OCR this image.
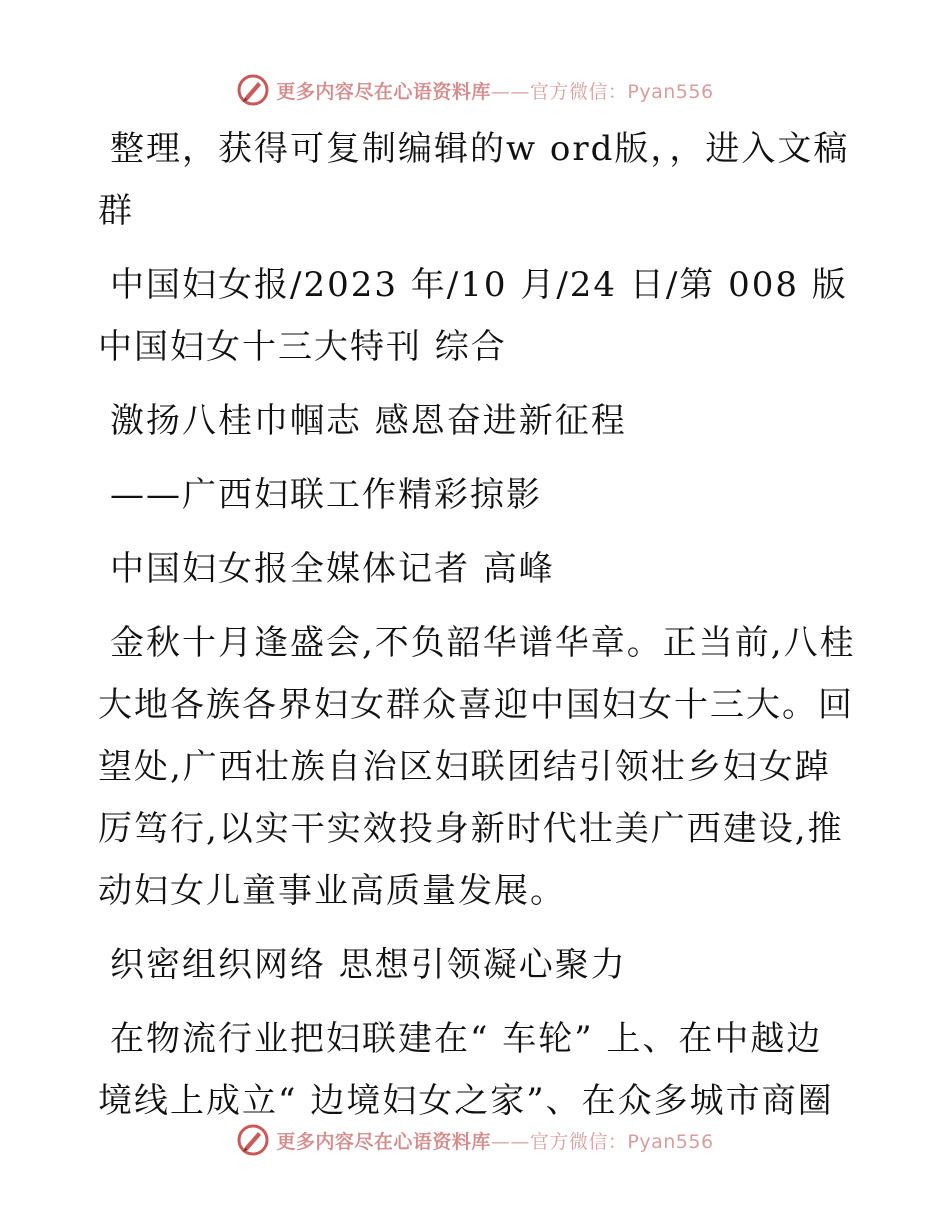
更多内容尽在心语资料库——官方微信：Pyan556

整理，获得可复制编辑的w ord版，，进入文稿群

中国妇女报/2023 年/10 月/24 日/第 008 版中国妇女十三大特刊 综合

激扬八桂巾帼志 感恩奋进新征程

——广西妇联工作精彩掠影

中国妇女报全媒体记者 高峰

金秋十月逢盛会,不负韶华谱华章。正当前,八桂大地各族各界妇女群众喜迎中国妇女十三大。回望处,广西壮族自治区妇联团结引领壮乡妇女踔厉笃行,以实干实效投身新时代壮美广西建设,推动妇女儿童事业高质量发展。

织密组织网络 思想引领凝心聚力

在物流行业把妇联建在“ 车轮” 上、在中越边境线上成立“ 边境妇女之家”、在众多城市商圈

更多内容尽在心语资料库——官方微信：Pyan556
